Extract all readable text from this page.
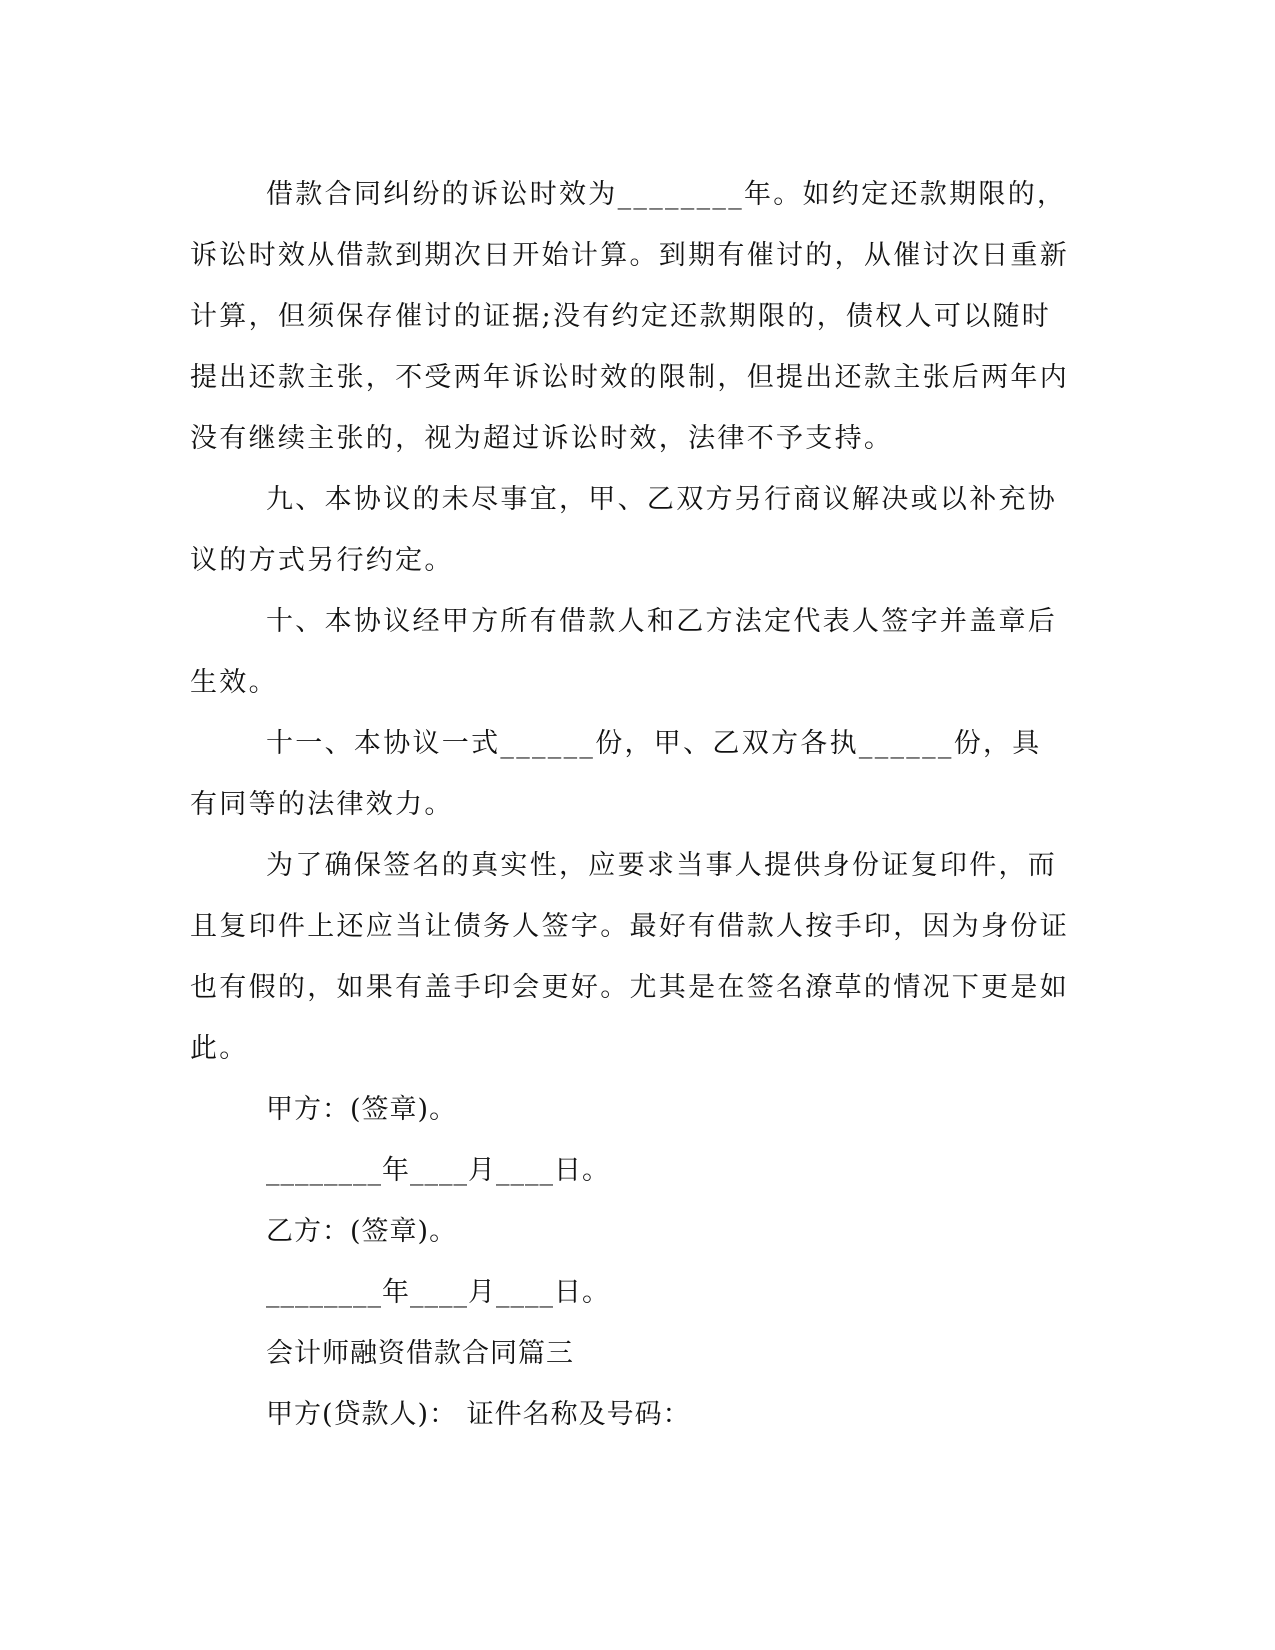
借款合同纠纷的诉讼时效为________年。如约定还款期限的，诉讼时效从借款到期次日开始计算。到期有催讨的，从催讨次日重新计算，但须保存催讨的证据;没有约定还款期限的，债权人可以随时提出还款主张，不受两年诉讼时效的限制，但提出还款主张后两年内没有继续主张的，视为超过诉讼时效，法律不予支持。

九、本协议的未尽事宜，甲、乙双方另行商议解决或以补充协议的方式另行约定。

十、本协议经甲方所有借款人和乙方法定代表人签字并盖章后生效。

十一、本协议一式______份，甲、乙双方各执______份，具有同等的法律效力。

为了确保签名的真实性，应要求当事人提供身份证复印件，而且复印件上还应当让债务人签字。最好有借款人按手印，因为身份证也有假的，如果有盖手印会更好。尤其是在签名潦草的情况下更是如此。

甲方：(签章)。

________年____月____日。

乙方：(签章)。

________年____月____日。

会计师融资借款合同篇三

甲方(贷款人)： 证件名称及号码：
